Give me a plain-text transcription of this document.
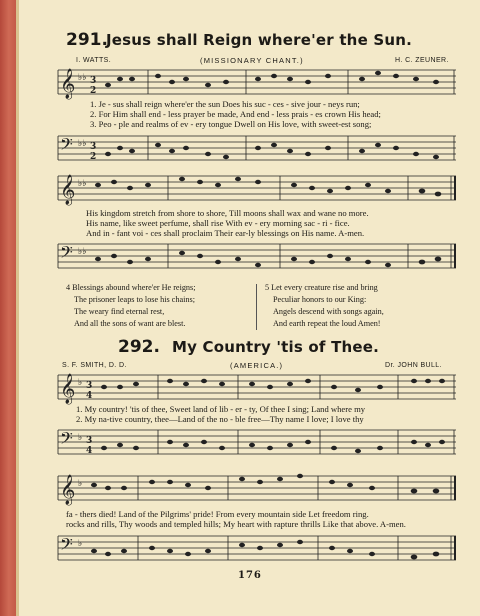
291.
Jesus shall Reign where'er the Sun.
I. WATTS.	(MISSIONARY CHANT.)	H. C. ZEUNER.
𝄞 ♭♭ 3
2
1. Je - sus shall reign where'er the sun Does his suc - ces - sive jour - neys run;
2. For Him shall end - less prayer be made, And end - less prais - es crown His head;
3. Peo - ple and realms of ev - ery tongue Dwell on His love, with sweet-est song;
𝄢 ♭♭ 3
2
𝄞 ♭♭
His kingdom stretch from shore to shore, Till moons shall wax and wane no more.
His name, like sweet perfume, shall rise With ev - ery morning sac - ri - fice.
And in - fant voi - ces shall proclaim Their ear-ly blessings on His name. A-men.
𝄢 ♭♭
4 Blessings abound where'er He reigns;
The prisoner leaps to lose his chains;
The weary find eternal rest,
And all the sons of want are blest.
5 Let every creature rise and bring
Peculiar honors to our King:
Angels descend with songs again,
And earth repeat the loud Amen!
292. My Country 'tis of Thee.
S. F. SMITH, D. D.	(AMERICA.)	Dr. JOHN BULL.
𝄞 ♭ 3
4
1. My country! 'tis of thee, Sweet land of lib - er - ty, Of thee I sing; Land where my
2. My na-tive country, thee—Land of the no - ble free—Thy name I love; I love thy
𝄢 ♭ 3
4
𝄞 ♭
fa - thers died! Land of the Pilgrims' pride! From every mountain side Let freedom ring.
rocks and rills, Thy woods and templed hills; My heart with rapture thrills Like that above. A-men.
𝄢 ♭
176
